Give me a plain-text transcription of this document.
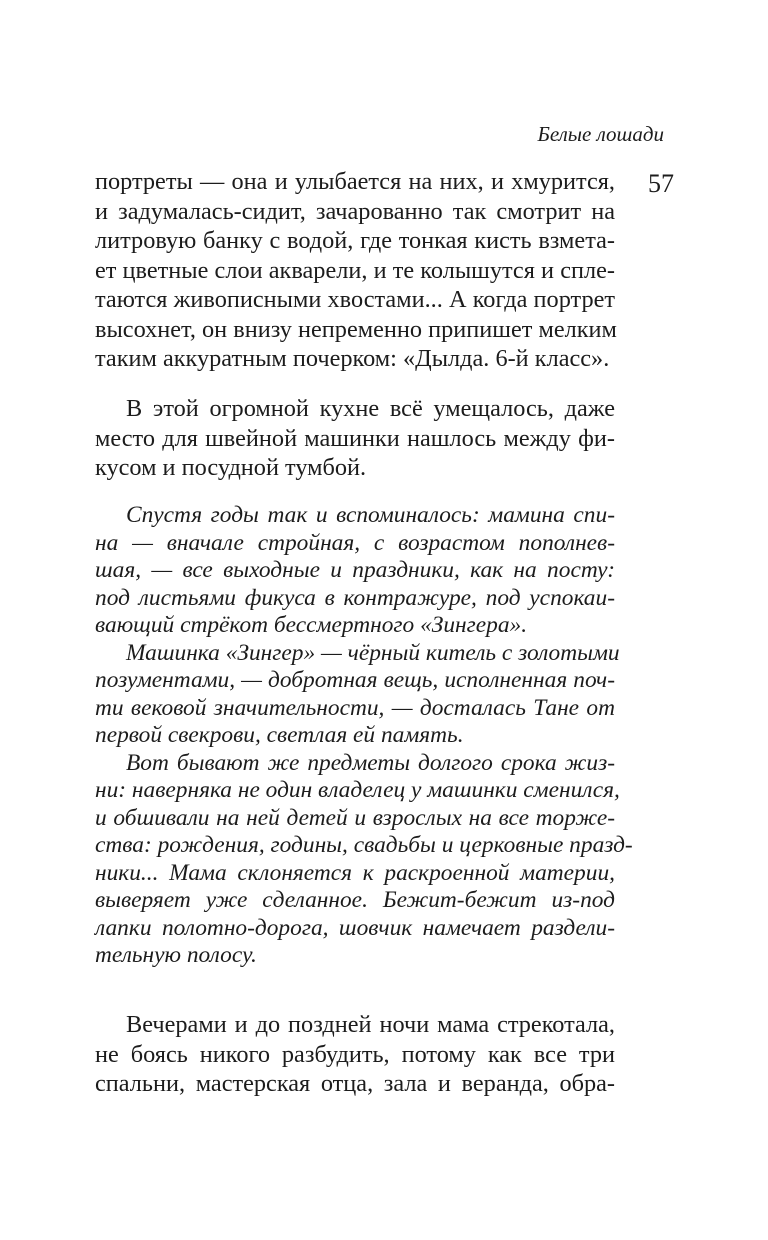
Белые лошади
57
портреты — она и улыбается на них, и хмурится,
и задумалась-сидит, зачарованно так смотрит на
литровую банку с водой, где тонкая кисть взмета-
ет цветные слои акварели, и те колышутся и спле-
таются живописными хвостами... А когда портрет
высохнет, он внизу непременно припишет мелким
таким аккуратным почерком: «Дылда. 6-й класс».
В этой огромной кухне всё умещалось, даже
место для швейной машинки нашлось между фи-
кусом и посудной тумбой.
Спустя годы так и вспоминалось: мамина спи-
на — вначале стройная, с возрастом пополнев-
шая, — все выходные и праздники, как на посту:
под листьями фикуса в контражуре, под успокаи-
вающий стрёкот бессмертного «Зингера».
Машинка «Зингер» — чёрный китель с золотыми
позументами, — добротная вещь, исполненная поч-
ти вековой значительности, — досталась Тане от
первой свекрови, светлая ей память.
Вот бывают же предметы долгого срока жиз-
ни: наверняка не один владелец у машинки сменился,
и обшивали на ней детей и взрослых на все торже-
ства: рождения, годины, свадьбы и церковные празд-
ники... Мама склоняется к раскроенной материи,
выверяет уже сделанное. Бежит-бежит из-под
лапки полотно-дорога, шовчик намечает раздели-
тельную полосу.
Вечерами и до поздней ночи мама стрекотала,
не боясь никого разбудить, потому как все три
спальни, мастерская отца, зала и веранда, обра-
